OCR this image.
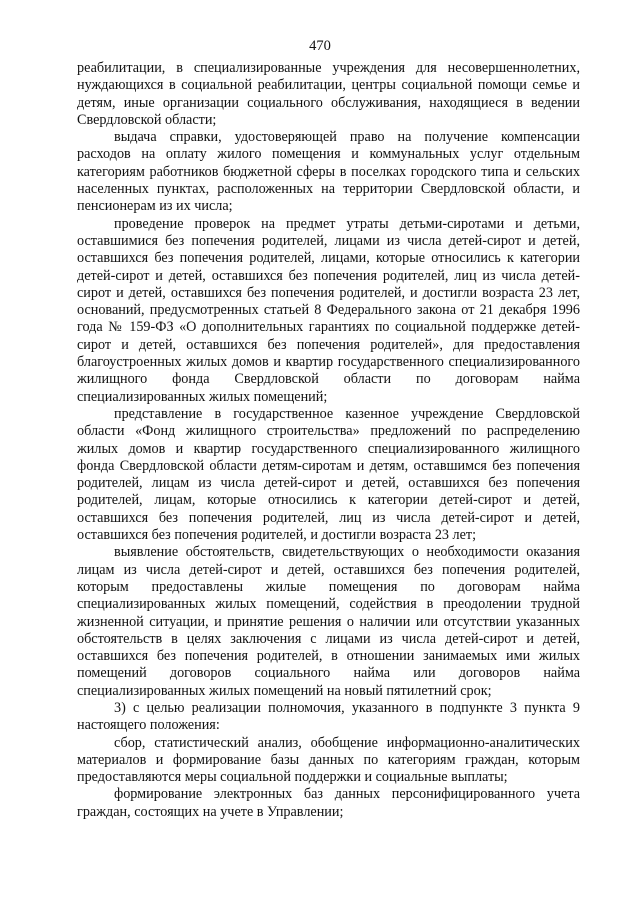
470

реабилитации, в специализированные учреждения для несовершеннолетних, нуждающихся в социальной реабилитации, центры социальной помощи семье и детям, иные организации социального обслуживания, находящиеся в ведении Свердловской области;

выдача справки, удостоверяющей право на получение компенсации расходов на оплату жилого помещения и коммунальных услуг отдельным категориям работников бюджетной сферы в поселках городского типа и сельских населенных пунктах, расположенных на территории Свердловской области, и пенсионерам из их числа;

проведение проверок на предмет утраты детьми-сиротами и детьми, оставшимися без попечения родителей, лицами из числа детей-сирот и детей, оставшихся без попечения родителей, лицами, которые относились к категории детей-сирот и детей, оставшихся без попечения родителей, лиц из числа детей-сирот и детей, оставшихся без попечения родителей, и достигли возраста 23 лет, оснований, предусмотренных статьей 8 Федерального закона от 21 декабря 1996 года № 159-ФЗ «О дополнительных гарантиях по социальной поддержке детей-сирот и детей, оставшихся без попечения родителей», для предоставления благоустроенных жилых домов и квартир государственного специализированного жилищного фонда Свердловской области по договорам найма специализированных жилых помещений;

представление в государственное казенное учреждение Свердловской области «Фонд жилищного строительства» предложений по распределению жилых домов и квартир государственного специализированного жилищного фонда Свердловской области детям-сиротам и детям, оставшимся без попечения родителей, лицам из числа детей-сирот и детей, оставшихся без попечения родителей, лицам, которые относились к категории детей-сирот и детей, оставшихся без попечения родителей, лиц из числа детей-сирот и детей, оставшихся без попечения родителей, и достигли возраста 23 лет;

выявление обстоятельств, свидетельствующих о необходимости оказания лицам из числа детей-сирот и детей, оставшихся без попечения родителей, которым предоставлены жилые помещения по договорам найма специализированных жилых помещений, содействия в преодолении трудной жизненной ситуации, и принятие решения о наличии или отсутствии указанных обстоятельств в целях заключения с лицами из числа детей-сирот и детей, оставшихся без попечения родителей, в отношении занимаемых ими жилых помещений договоров социального найма или договоров найма специализированных жилых помещений на новый пятилетний срок;

3) с целью реализации полномочия, указанного в подпункте 3 пункта 9 настоящего положения:

сбор, статистический анализ, обобщение информационно-аналитических материалов и формирование базы данных по категориям граждан, которым предоставляются меры социальной поддержки и социальные выплаты;

формирование электронных баз данных персонифицированного учета граждан, состоящих на учете в Управлении;
